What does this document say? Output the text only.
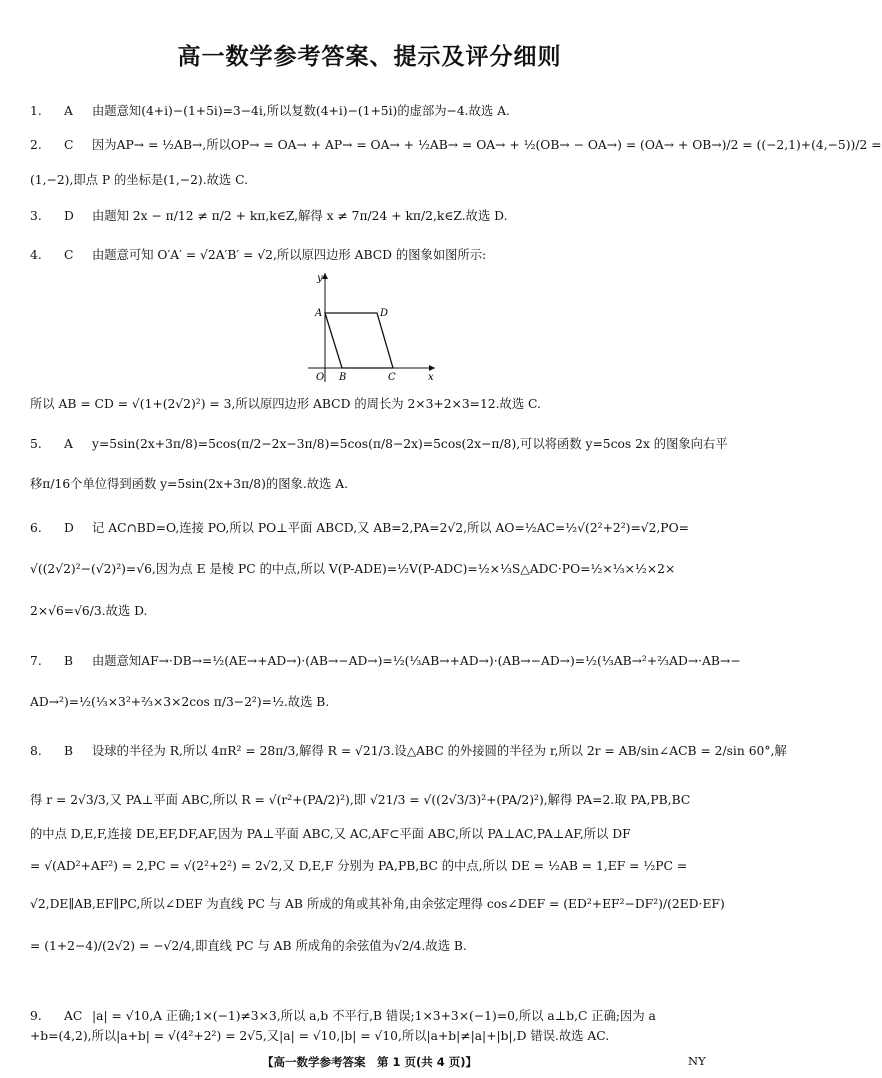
高一数学参考答案、提示及评分细则
1. A 由题意知(4+i)−(1+5i)=3−4i,所以复数(4+i)−(1+5i)的虚部为−4.故选 A.
2. C 因为AP→ = ½AB→,所以OP→ = OA→ + AP→ = OA→ + ½AB→ = OA→ + ½(OB→ − OA→) = (OA→ + OB→)/2 = ((−2,1)+(4,−5))/2 =
(1,−2),即点 P 的坐标是(1,−2).故选 C.
3. D 由题知 2x − π/12 ≠ π/2 + kπ,k∈Z,解得 x ≠ 7π/24 + kπ/2,k∈Z.故选 D.
4. C 由题意可知 O′A′ = √2A′B′ = √2,所以原四边形 ABCD 的图象如图所示:
y
x
O
A
B	C
D
所以 AB = CD = √(1+(2√2)²) = 3,所以原四边形 ABCD 的周长为 2×3+2×3=12.故选 C.
5. A y=5sin(2x+3π/8)=5cos(π/2−2x−3π/8)=5cos(π/8−2x)=5cos(2x−π/8),可以将函数 y=5cos 2x 的图象向右平
移π/16个单位得到函数 y=5sin(2x+3π/8)的图象.故选 A.
6. D 记 AC∩BD=O,连接 PO,所以 PO⊥平面 ABCD,又 AB=2,PA=2√2,所以 AO=½AC=½√(2²+2²)=√2,PO=
√((2√2)²−(√2)²)=√6,因为点 E 是棱 PC 的中点,所以 V(P-ADE)=½V(P-ADC)=½×⅓S△ADC·PO=½×⅓×½×2×
2×√6=√6/3.故选 D.
7. B 由题意知AF→·DB→=½(AE→+AD→)·(AB→−AD→)=½(⅓AB→+AD→)·(AB→−AD→)=½(⅓AB→²+⅔AD→·AB→−
AD→²)=½(⅓×3²+⅔×3×2cos π/3−2²)=½.故选 B.
8. B 设球的半径为 R,所以 4πR² = 28π/3,解得 R = √21/3.设△ABC 的外接圆的半径为 r,所以 2r = AB/sin∠ACB = 2/sin 60°,解
得 r = 2√3/3,又 PA⊥平面 ABC,所以 R = √(r²+(PA/2)²),即 √21/3 = √((2√3/3)²+(PA/2)²),解得 PA=2.取 PA,PB,BC
的中点 D,E,F,连接 DE,EF,DF,AF,因为 PA⊥平面 ABC,又 AC,AF⊂平面 ABC,所以 PA⊥AC,PA⊥AF,所以 DF
= √(AD²+AF²) = 2,PC = √(2²+2²) = 2√2,又 D,E,F 分别为 PA,PB,BC 的中点,所以 DE = ½AB = 1,EF = ½PC =
√2,DE∥AB,EF∥PC,所以∠DEF 为直线 PC 与 AB 所成的角或其补角,由余弦定理得 cos∠DEF = (ED²+EF²−DF²)/(2ED·EF)
= (1+2−4)/(2√2) = −√2/4,即直线 PC 与 AB 所成角的余弦值为√2/4.故选 B.
9. AC |a| = √10,A 正确;1×(−1)≠3×3,所以 a,b 不平行,B 错误;1×3+3×(−1)=0,所以 a⊥b,C 正确;因为 a
+b=(4,2),所以|a+b| = √(4²+2²) = 2√5,又|a| = √10,|b| = √10,所以|a+b|≠|a|+|b|,D 错误.故选 AC.
【高一数学参考答案　第 1 页(共 4 页)】	NY
